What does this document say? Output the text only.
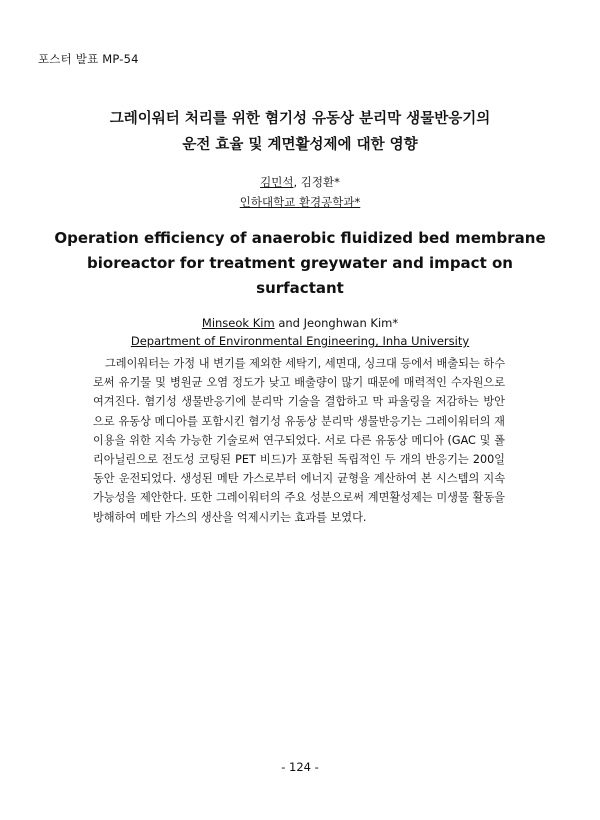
포스터 발표 MP-54
그레이워터 처리를 위한 혐기성 유동상 분리막 생물반응기의
운전 효율 및 계면활성제에 대한 영향
김민석, 김정환*
인하대학교 환경공학과*
Operation efficiency of anaerobic fluidized bed membrane
bioreactor for treatment greywater and impact on
surfactant
Minseok Kim and Jeonghwan Kim*
Department of Environmental Engineering, Inha University

그레이워터는 가정 내 변기를 제외한 세탁기, 세면대, 싱크대 등에서 배출되는 하수로써 유기물 및 병원균 오염 정도가 낮고 배출량이 많기 때문에 매력적인 수자원으로 여겨진다. 혐기성 생물반응기에 분리막 기술을 결합하고 막 파울링을 저감하는 방안으로 유동상 메디아를 포함시킨 혐기성 유동상 분리막 생물반응기는 그레이워터의 재이용을 위한 지속 가능한 기술로써 연구되었다. 서로 다른 유동상 메디아 (GAC 및 폴리아닐린으로 전도성 코팅된 PET 비드)가 포함된 독립적인 두 개의 반응기는 200일 동안 운전되었다. 생성된 메탄 가스로부터 에너지 균형을 계산하여 본 시스템의 지속 가능성을 제안한다. 또한 그레이워터의 주요 성분으로써 계면활성제는 미생물 활동을 방해하여 메탄 가스의 생산을 억제시키는 효과를 보였다.

- 124 -
